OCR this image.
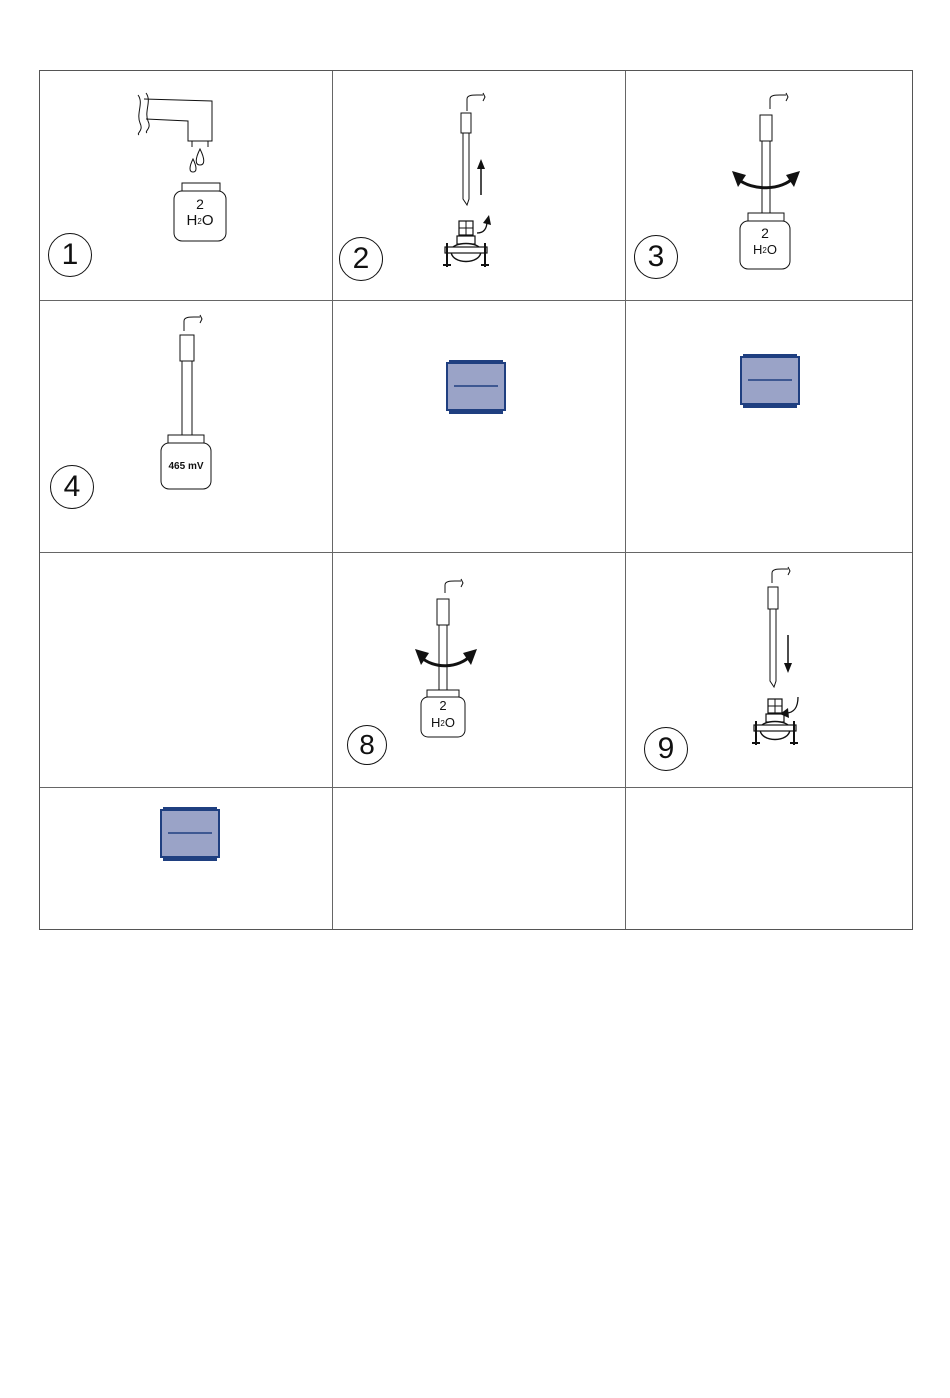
2
$H_2O$
1	2
2
$H_2O$
3
465 mV
4
2
$H_2O$
8	9
